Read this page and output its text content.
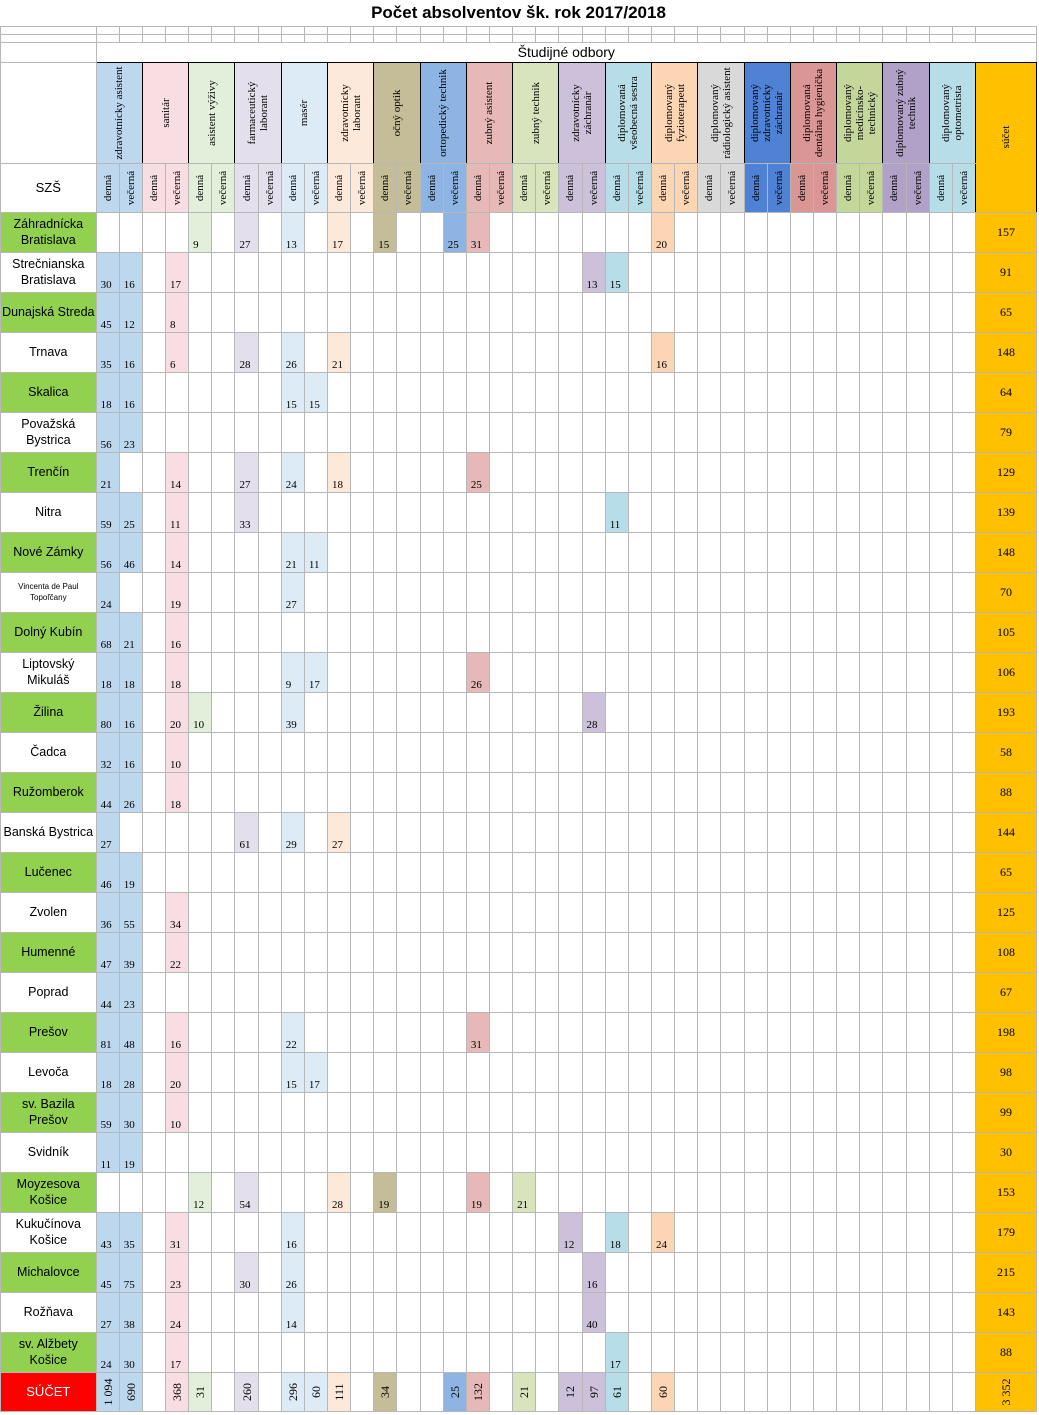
Počet absolventov šk. rok 2017/2018																																							

	Študijné odbory																																						

	zdravotnícky asistent		sanitár		asistent výživy		farmaceutický laborant		masér		zdravotnícky laborant		očný optik		ortopedický technik		zubný asistent		zubný technik		zdravotnícky záchranár		diplomovaná všeobecná sestra		diplomovaný fyzioterapeut		diplomovaný rádiologický asistent		diplomovaný zdravotnícky záchranár		diplomovaná dentálna hygienička		diplomovaný medicínsko-technický		diplomovaný zubný technik		diplomovaný optometrista		súčet

SZŠ	denná	večerná	denná	večerná	denná	večerná	denná	večerná	denná	večerná	denná	večerná	denná	večerná	denná	večerná	denná	večerná	denná	večerná	denná	večerná	denná	večerná	denná	večerná	denná	večerná	denná	večerná	denná	večerná	denná	večerná	denná	večerná	denná	večerná	

Záhradnícka Bratislava					9		27		13		17		15			25	31								20														157
Strečnianska Bratislava	30	16		17																		13	15																91
Dunajská Streda	45	12		8																																			65
Trnava	35	16		6			28		26		21														16														148
Skalica	18	16							15	15																													64
Považská Bystrica	56	23																																					79
Trenčín	21			14			27		24		18						25																						129
Nitra	59	25		11			33																11																139
Nové Zámky	56	46		14					21	11																													148
Vincenta de Paul Topoľčany	24			19					27																														70
Dolný Kubín	68	21		16																																			105
Liptovský Mikuláš	18	18		18					9	17							26																						106
Žilina	80	16		20	10				39													28																	193
Čadca	32	16		10																																			58
Ružomberok	44	26		18																																			88
Banská Bystrica	27						61		29		27																												144
Lučenec	46	19																																					65
Zvolen	36	55		34																																			125
Humenné	47	39		22																																			108
Poprad	44	23																																					67
Prešov	81	48		16					22								31																						198
Levoča	18	28		20					15	17																													98
sv. Bazila Prešov	59	30		10																																			99
Svidník	11	19																																					30
Moyzesova Košice					12		54				28		19				19		21																				153
Kukučínova Košice	43	35		31					16												12		18		24														179
Michalovce	45	75		23			30		26													16																	215
Rožňava	27	38		24					14													40																	143
sv. Alžbety Košice	24	30		17																			17																88
SÚČET	1 094	690		368	31		260		296	60	111		34			25	132		21		12	97	61		60														3 352
